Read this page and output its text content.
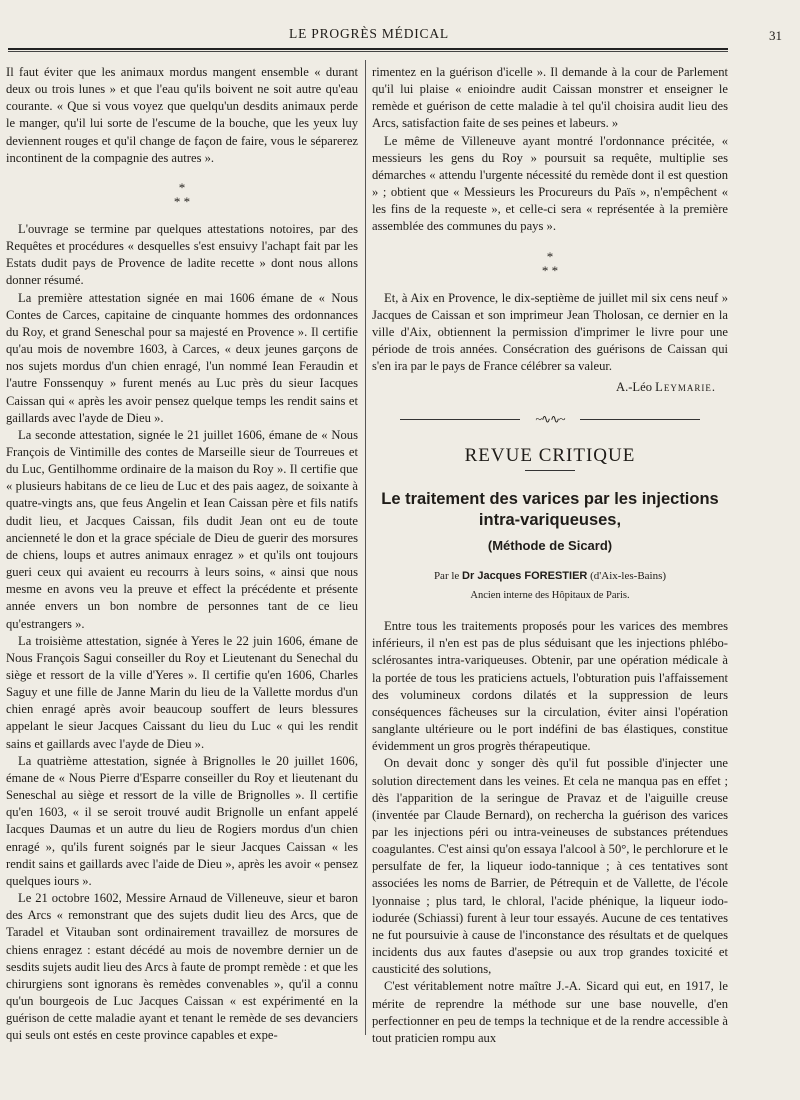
LE PROGRÈS MÉDICAL	31

Il faut éviter que les animaux mordus mangent ensemble « durant deux ou trois lunes » et que l'eau qu'ils boivent ne soit autre qu'eau courante. « Que si vous voyez que quelqu'un desdits animaux perde le manger, qu'il lui sorte de l'escume de la bouche, que les yeux luy deviennent rouges et qu'il change de façon de faire, vous le séparerez incontinent de la compagnie des autres ».

*
* *

L'ouvrage se termine par quelques attestations notoires, par des Requêtes et procédures « desquelles s'est ensuivy l'achapt fait par les Estats dudit pays de Provence de ladite recette » dont nous allons donner résumé.

La première attestation signée en mai 1606 émane de « Nous Contes de Carces, capitaine de cinquante hommes des ordonnances du Roy, et grand Seneschal pour sa majesté en Provence ». Il certifie qu'au mois de novembre 1603, à Carces, « deux jeunes garçons de nos sujets mordus d'un chien enragé, l'un nommé Iean Feraudin et l'autre Fonssenquy » furent menés au Luc près du sieur Iacques Caissan qui « après les avoir pensez quelque temps les rendit sains et gaillards avec l'ayde de Dieu ».

La seconde attestation, signée le 21 juillet 1606, émane de « Nous François de Vintimille des contes de Marseille sieur de Tourreues et du Luc, Gentilhomme ordinaire de la maison du Roy ». Il certifie que « plusieurs habitans de ce lieu de Luc et des pais aagez, de soixante à quatre-vingts ans, que feus Angelin et Iean Caissan père et fils natifs dudit lieu, et Jacques Caissan, fils dudit Jean ont eu de toute ancienneté le don et la grace spéciale de Dieu de guerir des morsures de chiens, loups et autres animaux enragez » et qu'ils ont toujours gueri ceux qui avaient eu recourrs à leurs soins, « ainsi que nous mesme en avons veu la preuve et effect la précédente et présente année envers un bon nombre de personnes tant de ce lieu qu'estrangers ».

La troisième attestation, signée à Yeres le 22 juin 1606, émane de Nous François Sagui conseiller du Roy et Lieutenant du Senechal du siège et ressort de la ville d'Yeres ». Il certifie qu'en 1606, Charles Saguy et une fille de Janne Marin du lieu de la Vallette mordus d'un chien enragé après avoir beaucoup souffert de leurs blessures appelant le sieur Jacques Caissant du lieu du Luc « qui les rendit sains et gaillards avec l'ayde de Dieu ».

La quatrième attestation, signée à Brignolles le 20 juillet 1606, émane de « Nous Pierre d'Esparre conseiller du Roy et lieutenant du Seneschal au siège et ressort de la ville de Brignolles ». Il certifie qu'en 1603, « il se seroit trouvé audit Brignolle un enfant appelé Iacques Daumas et un autre du lieu de Rogiers mordus d'un chien enragé », qu'ils furent soignés par le sieur Jacques Caissan « les rendit sains et gaillards avec l'aide de Dieu », après les avoir « pensez quelques iours ».

Le 21 octobre 1602, Messire Arnaud de Villeneuve, sieur et baron des Arcs « remonstrant que des sujets dudit lieu des Arcs, que de Taradel et Vitauban sont ordinairement travaillez de morsures de chiens enragez : estant décédé au mois de novembre dernier un de sesdits sujets audit lieu des Arcs à faute de prompt remède : et que les chirurgiens sont ignorans ès remèdes convenables », qu'il a connu qu'un bourgeois de Luc Jacques Caissan « est expérimenté en la guérison de cette maladie ayant et tenant le remède de ses devanciers qui seuls ont estés en ceste province capables et expe-

rimentez en la guérison d'icelle ». Il demande à la cour de Parlement qu'il lui plaise « enioindre audit Caissan monstrer et enseigner le remède et guérison de cette maladie à tel qu'il choisira audit lieu des Arcs, satisfaction faite de ses peines et labeurs. »

Le même de Villeneuve ayant montré l'ordonnance précitée, « messieurs les gens du Roy » poursuit sa requête, multiplie ses démarches « attendu l'urgente nécessité du remède dont il est question » ; obtient que « Messieurs les Procureurs du Païs », n'empêchent « les fins de la requeste », et celle-ci sera « représentée à la première assemblée des communes du pays ».

*
* *

Et, à Aix en Provence, le dix-septième de juillet mil six cens neuf » Jacques de Caissan et son imprimeur Jean Tholosan, ce dernier en la ville d'Aix, obtiennent la permission d'imprimer le livre pour une période de trois années. Consécration des guérisons de Caissan qui s'en ira par le pays de France célébrer sa valeur.

A.-Léo Leymarie.
~∿∿~
REVUE CRITIQUE
Le traitement des varices par les injections intra-variqueuses,
(Méthode de Sicard)
Par le Dr Jacques FORESTIER (d'Aix-les-Bains)
Ancien interne des Hôpitaux de Paris.

Entre tous les traitements proposés pour les varices des membres inférieurs, il n'en est pas de plus séduisant que les injections phlébo-sclérosantes intra-variqueuses. Obtenir, par une opération médicale à la portée de tous les praticiens actuels, l'obturation puis l'affaissement des volumineux cordons dilatés et la suppression de leurs conséquences fâcheuses sur la circulation, éviter ainsi l'opération sanglante ultérieure ou le port indéfini de bas élastiques, constitue évidemment un gros progrès thérapeutique.

On devait donc y songer dès qu'il fut possible d'injecter une solution directement dans les veines. Et cela ne manqua pas en effet ; dès l'apparition de la seringue de Pravaz et de l'aiguille creuse (inventée par Claude Bernard), on rechercha la guérison des varices par les injections péri ou intra-veineuses de substances prétendues coagulantes. C'est ainsi qu'on essaya l'alcool à 50°, le perchlorure et le persulfate de fer, la liqueur iodo-tannique ; à ces tentatives sont associées les noms de Barrier, de Pétrequin et de Vallette, de l'école lyonnaise ; plus tard, le chloral, l'acide phénique, la liqueur iodo-iodurée (Schiassi) furent à leur tour essayés. Aucune de ces tentatives ne fut poursuivie à cause de l'inconstance des résultats et de quelques incidents dus aux fautes d'asepsie ou aux trop grandes toxicité et causticité des solutions,

C'est véritablement notre maître J.-A. Sicard qui eut, en 1917, le mérite de reprendre la méthode sur une base nouvelle, d'en perfectionner en peu de temps la technique et de la rendre accessible à tout praticien rompu aux
